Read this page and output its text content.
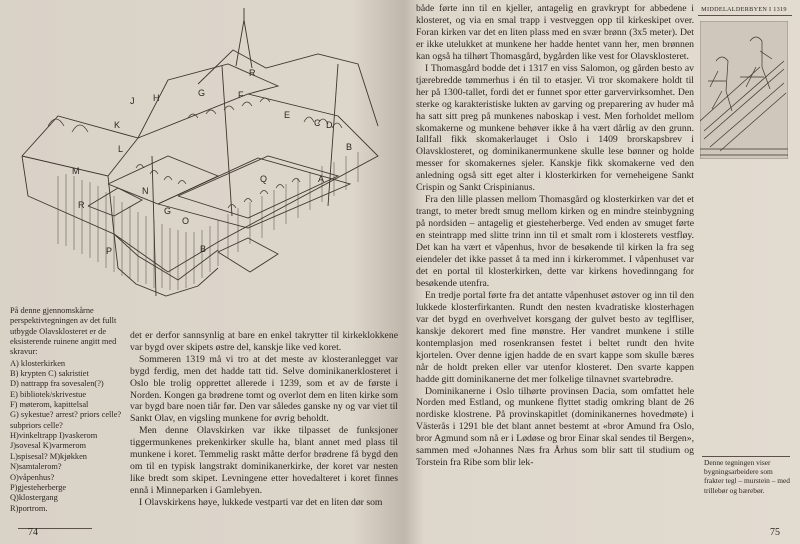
R
G
H
J
F
E
C D
K
B
A
L
M
Q
N
R
G
O
P	B
På denne gjennomskårne perspektivtegningen av det fullt utbygde Olavsklosteret er de eksisterende ruinene angitt med skravur:
A) klosterkirken
B) krypten C) sakristiet
D) nattrapp fra sovesalen(?)
E) bibliotek/skrivestue
F) møterom, kapittelsal
G) sykestue? arrest? priors celle? subpriors celle?
H)vinkeltrapp I)vaskerom
J)sovesal K)varmerom
L)spisesal? M)kjøkken
N)samtalerom?
O)våpenhus?
P)gjesteherberge
Q)klostergang
R)portrom.

det er derfor sannsynlig at bare en enkel takrytter til kirkeklokkene var bygd over skipets østre del, kanskje like ved koret.

Sommeren 1319 må vi tro at det meste av klosteranlegget var bygd ferdig, men det hadde tatt tid. Selve dominikanerklosteret i Oslo ble trolig opprettet allerede i 1239, som et av de første i Norden. Kongen ga brødrene tomt og overlot dem en liten kirke som var bygd bare noen tiår før. Den var således ganske ny og var viet til Sankt Olav, en vigsling munkene for øvrig beholdt.

Men denne Olavskirken var ikke tilpasset de funksjoner tiggermunkenes prekenkirker skulle ha, blant annet med plass til munkene i koret. Temmelig raskt måtte derfor brødrene få bygd den om til en typisk langstrakt dominikanerkirke, der koret var nesten like bredt som skipet. Levningene etter hovedalteret i koret finnes ennå i Minneparken i Gamlebyen.

I Olavskirkens høye, lukkede vestparti var det en liten dør som

74

både førte inn til en kjeller, antagelig en gravkrypt for abbedene i klosteret, og via en smal trapp i vestveggen opp til kirkeskipet over. Foran kirken var det en liten plass med en svær brønn (3x5 meter). Det er ikke utelukket at munkene her hadde hentet vann her, men brønnen kan også ha tilhørt Thomasgård, bygården like vest for Olavsklosteret.

I Thomasgård bodde det i 1317 en viss Salomon, og gården besto av tjærebredde tømmerhus i én til to etasjer. Vi tror skomakere holdt til her på 1300-tallet, fordi det er funnet spor etter garvervirksomhet. Den sterke og karakteristiske lukten av garving og preparering av huder må ha satt sitt preg på munkenes naboskap i vest. Men forholdet mellom skomakerne og munkene behøver ikke å ha vært dårlig av den grunn. Iallfall fikk skomakerlauget i Oslo i 1409 brorskapsbrev i Olavsklosteret, og dominikanermunkene skulle lese bønner og holde messer for skomakernes sjeler. Kanskje fikk skomakerne ved den anledning også sitt eget alter i klosterkirken for verneheigene Sankt Crispin og Sankt Crispinianus.

Fra den lille plassen mellom Thomasgård og klosterkirken var det et trangt, to meter bredt smug mellom kirken og en mindre steinbygning på nordsiden – antagelig et giesteherberge. Ved enden av smuget førte en steintrapp med slitte trinn inn til et smalt rom i klosterets vestfløy. Det kan ha vært et våpenhus, hvor de besøkende til kirken la fra seg eiendeler det ikke passet å ta med inn i kirkerommet. I våpenhuset var det en portal til klosterkirken, dette var kirkens hovedinngang for besøkende utenfra.

En tredje portal førte fra det antatte våpenhuset østover og inn til den lukkede klosterfirkanten. Rundt den nesten kvadratiske klosterhagen var det bygd en overhvelvet korsgang der gulvet besto av teglfliser, kanskje dekorert med fine mønstre. Her vandret munkene i stille kontemplasjon med rosenkransen festet i beltet rundt den hvite kjortelen. Over denne igjen hadde de en svart kappe som skulle bæres når de holdt preken eller var utenfor klosteret. Den svarte kappen hadde gitt dominikanerne det mer folkelige tilnavnet svartebrødre.

Dominikanerne i Oslo tilhørte provinsen Dacia, som omfattet hele Norden med Estland, og munkene flyttet stadig omkring blant de 26 nordiske klostrene. På provinskapitlet (dominikanernes hovedmøte) i Västerås i 1291 ble det blant annet bestemt at «bror Amund fra Oslo, bror Agmund som nå er i Lødøse og bror Einar skal sendes til Bergen», sammen med «Johannes Næs fra Århus som blir satt til studium og Torstein fra Ribe som blir lek-

MIDDELALDERBYEN I 1319
Denne tegningen viser bygningsarbeidere som frakter tegl – murstein – med trillebør og bærebør.
75
